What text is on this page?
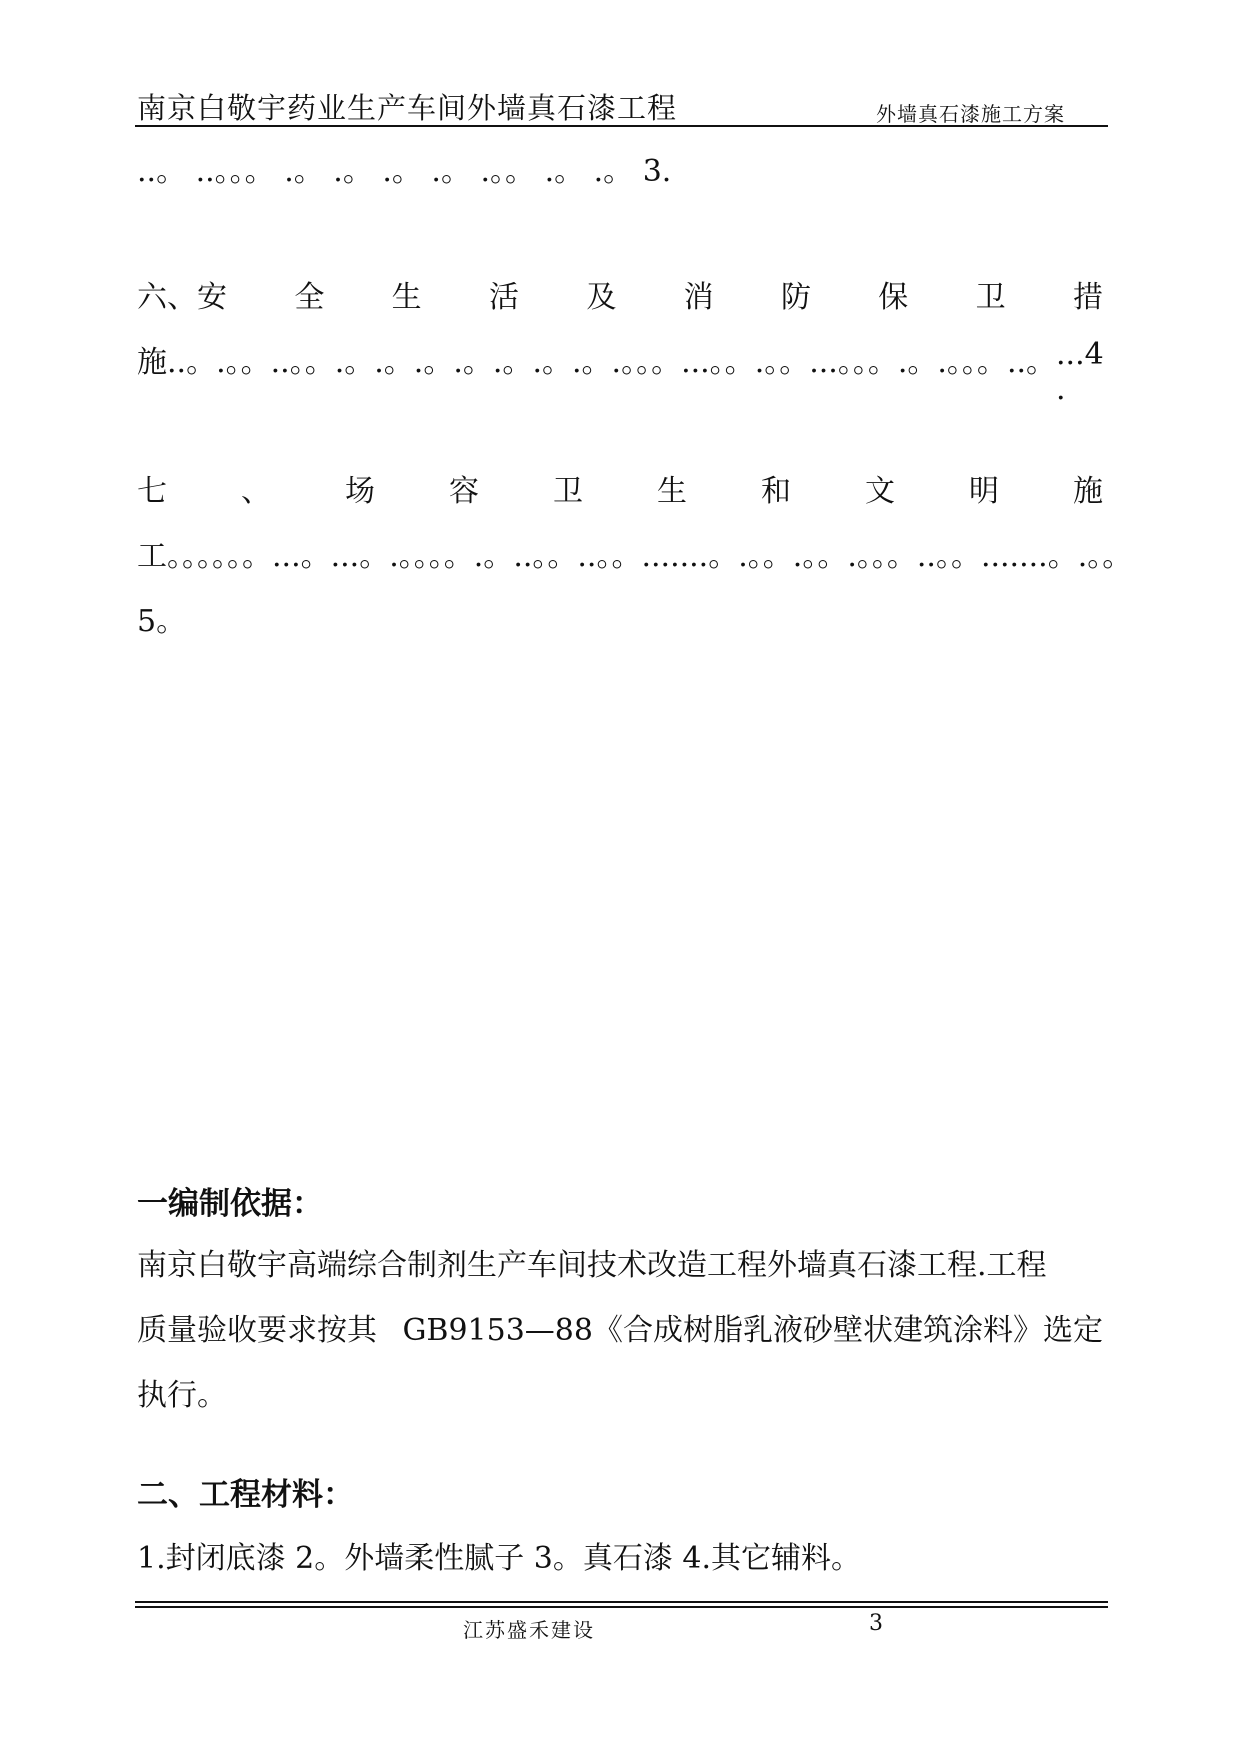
南京白敬宇药业生产车间外墙真石漆工程	外墙真石漆施工方案
..。 ..。。。 .。 .。 .。 .。 .。。 .。 .。 3.
六、安 全 生 活 及 消 防 保 卫 措
施 ..。 .。。 ..。。 .。 .。 .。 .。 .。 .。 .。 .。。。 ...。。 .。。 ...。。。 .。 .。。。 ..。 ...4 .
七 、 场 容 卫 生 和 文 明 施
工 。。。。。。 ...。 ...。 .。。。。 .。 ..。。 ..。。 .......。 .。。 .。。 .。。。 ..。。 .......。 .。。
5。
一编制依据：
南京白敬宇高端综合制剂生产车间技术改造工程外墙真石漆工程.工程
质量验收要求按其 GB9153—88《合成树脂乳液砂壁状建筑涂料》选定
执行。
二、工程材料：
1.封闭底漆 2。外墙柔性腻子 3。真石漆 4.其它辅料。
江苏盛禾建设	3
